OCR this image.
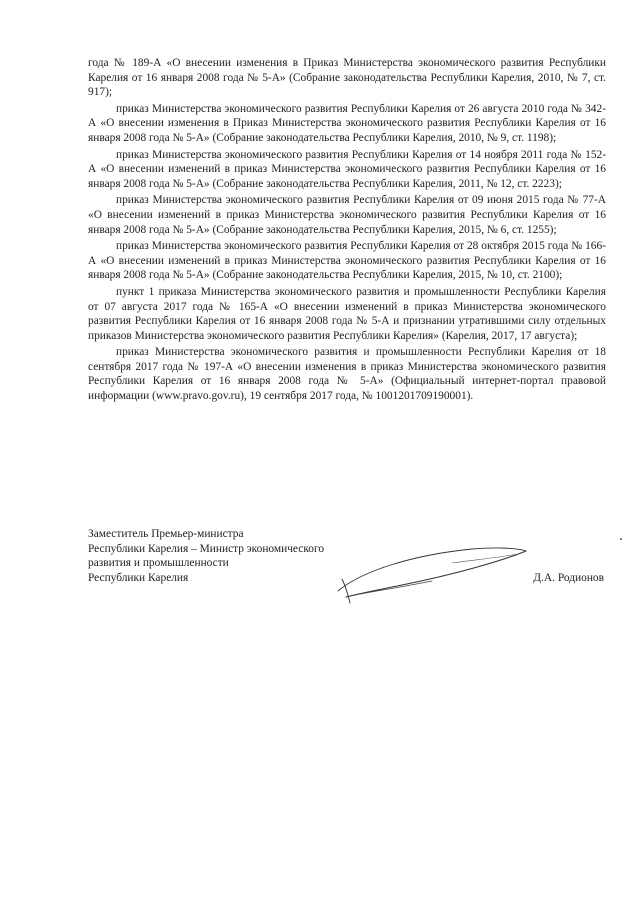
года № 189-А «О внесении изменения в Приказ Министерства экономического развития Республики Карелия от 16 января 2008 года № 5-А» (Собрание законодательства Республики Карелия, 2010, № 7, ст. 917);

приказ Министерства экономического развития Республики Карелия от 26 августа 2010 года № 342-А «О внесении изменения в Приказ Министерства экономического развития Республики Карелия от 16 января 2008 года № 5-А» (Собрание законодательства Республики Карелия, 2010, № 9, ст. 1198);

приказ Министерства экономического развития Республики Карелия от 14 ноября 2011 года № 152-А «О внесении изменений в приказ Министерства экономического развития Республики Карелия от 16 января 2008 года № 5-А» (Собрание законодательства Республики Карелия, 2011, № 12, ст. 2223);

приказ Министерства экономического развития Республики Карелия от 09 июня 2015 года № 77-А «О внесении изменений в приказ Министерства экономического развития Республики Карелия от 16 января 2008 года № 5-А» (Собрание законодательства Республики Карелия, 2015, № 6, ст. 1255);

приказ Министерства экономического развития Республики Карелия от 28 октября 2015 года № 166-А «О внесении изменений в приказ Министерства экономического развития Республики Карелия от 16 января 2008 года № 5-А» (Собрание законодательства Республики Карелия, 2015, № 10, ст. 2100);

пункт 1 приказа Министерства экономического развития и промышленности Республики Карелия от 07 августа 2017 года № 165-А «О внесении изменений в приказ Министерства экономического развития Республики Карелия от 16 января 2008 года № 5-А и признании утратившими силу отдельных приказов Министерства экономического развития Республики Карелия» (Карелия, 2017, 17 августа);

приказ Министерства экономического развития и промышленности Республики Карелия от 18 сентября 2017 года № 197-А «О внесении изменения в приказ Министерства экономического развития Республики Карелия от 16 января 2008 года № 5-А» (Официальный интернет-портал правовой информации (www.pravo.gov.ru), 19 сентября 2017 года, № 1001201709190001).

Заместитель Премьер-министра
Республики Карелия – Министр экономического
развития и промышленности
Республики Карелия	Д.А. Родионов
